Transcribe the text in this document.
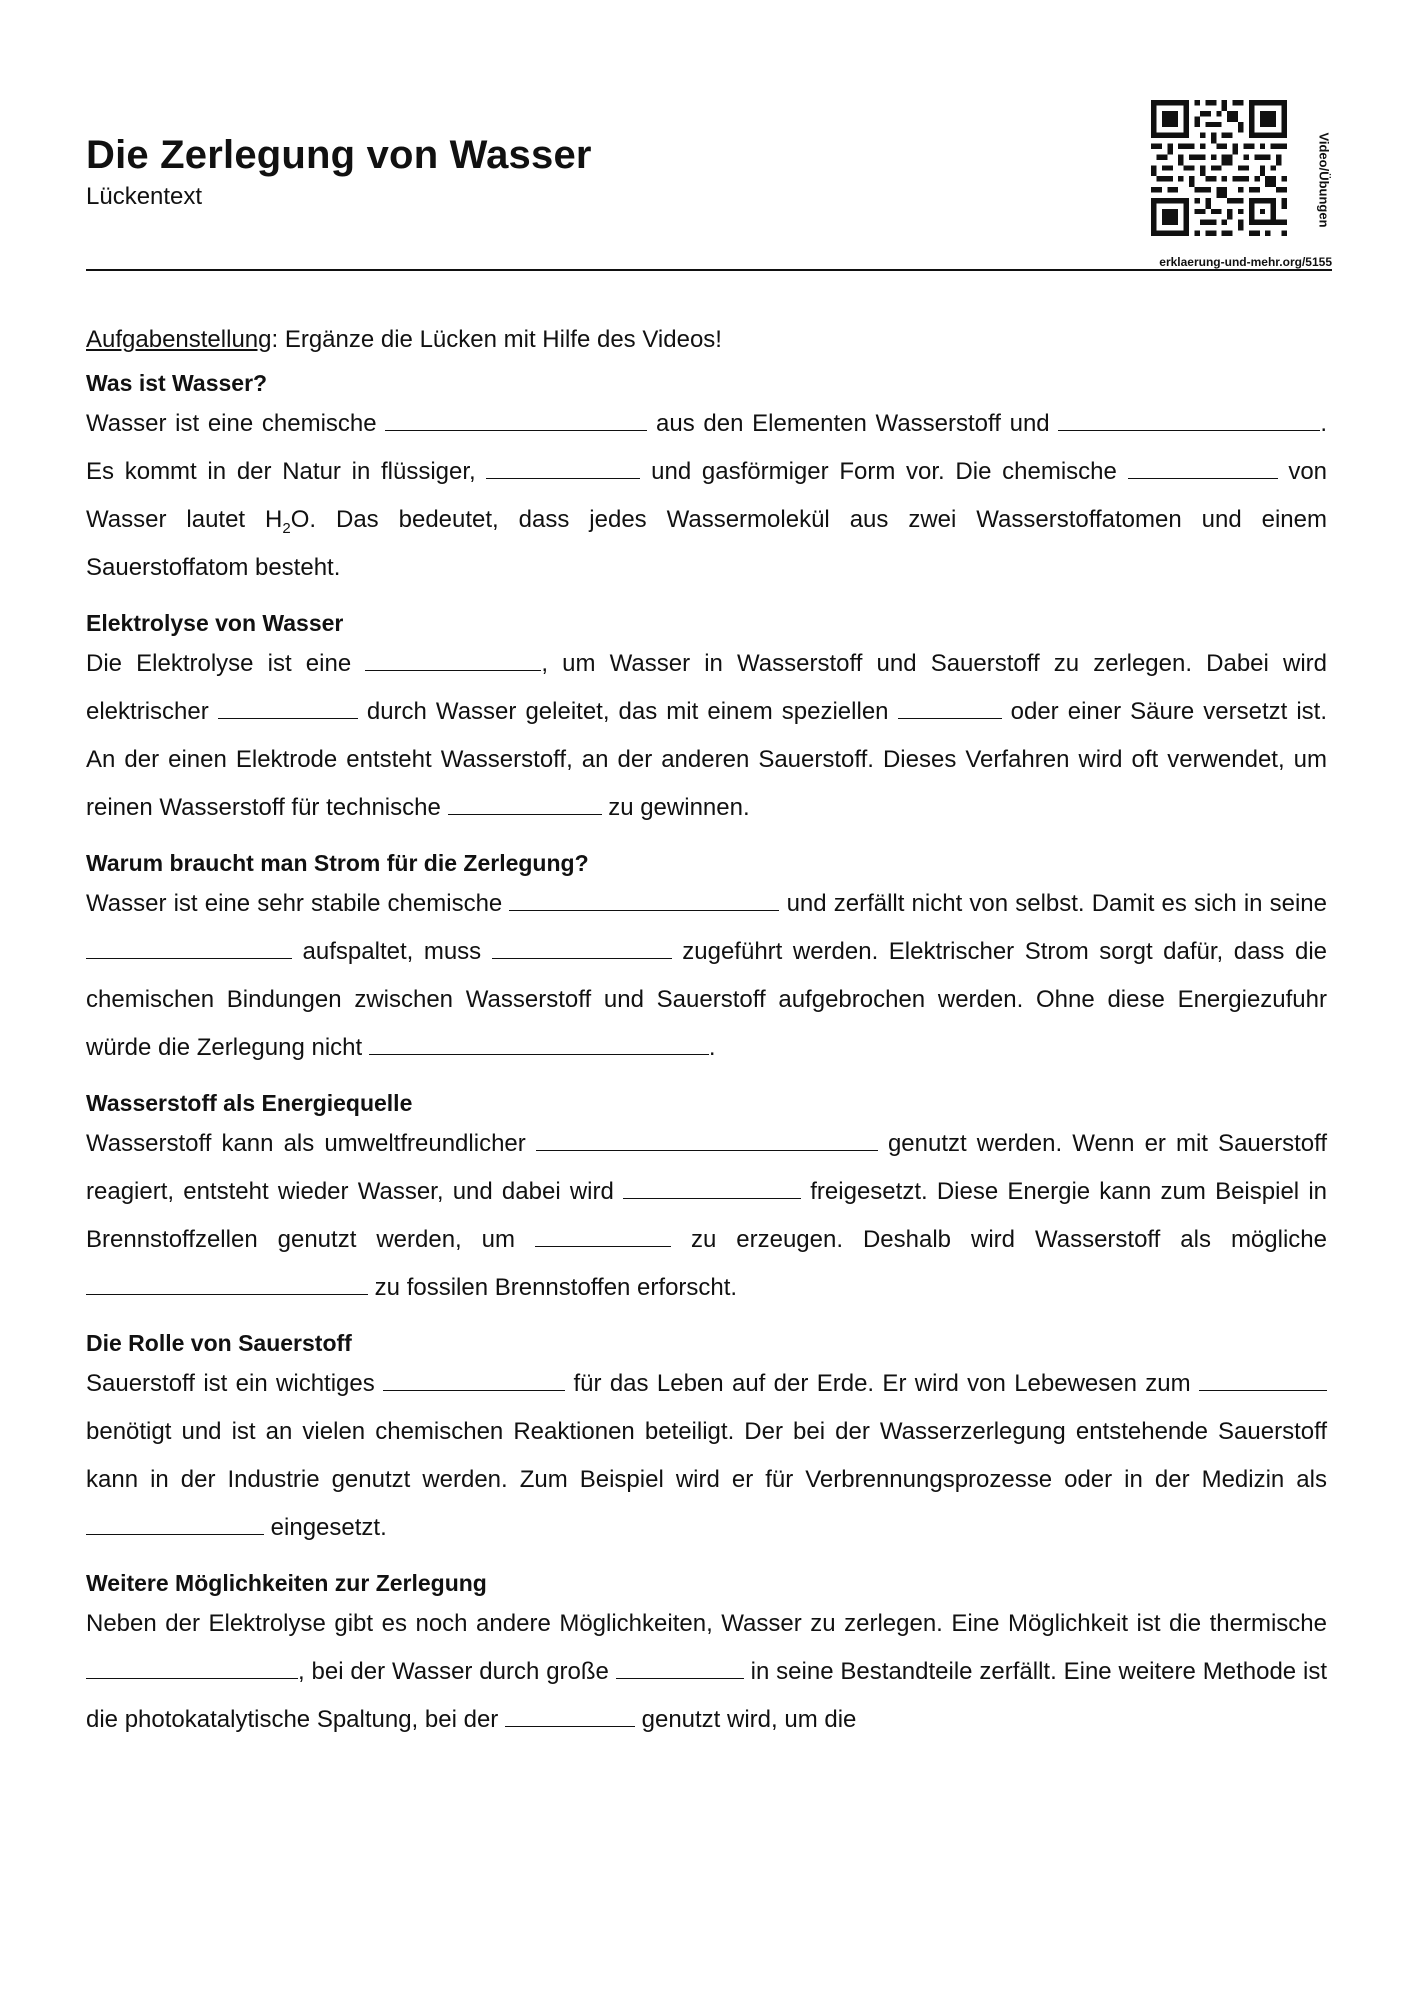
Die Zerlegung von Wasser
Lückentext	Video/Übungen
erklaerung-und-mehr.org/5155

Aufgabenstellung: Ergänze die Lücken mit Hilfe des Videos!

Was ist Wasser?

Wasser ist eine chemische	aus den Elementen Wasserstoff und	. Es kommt in der Natur in flüssiger,	und gasförmiger Form vor. Die chemische	von Wasser lautet $H_2O$. Das bedeutet, dass jedes Wassermolekül aus zwei Wasserstoffatomen und einem Sauerstoffatom besteht.

Elektrolyse von Wasser

Die Elektrolyse ist eine	, um Wasser in Wasserstoff und Sauerstoff zu zerlegen. Dabei wird elektrischer	durch Wasser geleitet, das mit einem speziellen	oder einer Säure versetzt ist. An der einen Elektrode entsteht Wasserstoff, an der anderen Sauerstoff. Dieses Verfahren wird oft verwendet, um reinen Wasserstoff für technische	zu gewinnen.

Warum braucht man Strom für die Zerlegung?

Wasser ist eine sehr stabile chemische	und zerfällt nicht von selbst. Damit es sich in seine  aufspaltet, muss	zugeführt werden. Elektrischer Strom sorgt dafür, dass die chemischen Bindungen zwischen Wasserstoff und Sauerstoff aufgebrochen werden. Ohne diese Energiezufuhr würde die Zerlegung nicht	.

Wasserstoff als Energiequelle

Wasserstoff kann als umweltfreundlicher	genutzt werden. Wenn er mit Sauerstoff reagiert, entsteht wieder Wasser, und dabei wird	freigesetzt. Diese Energie kann zum Beispiel in Brennstoffzellen genutzt werden, um	zu erzeugen. Deshalb wird Wasserstoff als mögliche  zu fossilen Brennstoffen erforscht.

Die Rolle von Sauerstoff

Sauerstoff ist ein wichtiges	für das Leben auf der Erde. Er wird von Lebewesen zum  benötigt und ist an vielen chemischen Reaktionen beteiligt. Der bei der Wasserzerlegung entstehende Sauerstoff kann in der Industrie genutzt werden. Zum Beispiel wird er für Verbrennungsprozesse oder in der Medizin als  eingesetzt.

Weitere Möglichkeiten zur Zerlegung

Neben der Elektrolyse gibt es noch andere Möglichkeiten, Wasser zu zerlegen. Eine Möglichkeit ist die thermische , bei der Wasser durch große	in seine Bestandteile zerfällt. Eine weitere Methode ist die photokatalytische Spaltung, bei der	genutzt wird, um die
